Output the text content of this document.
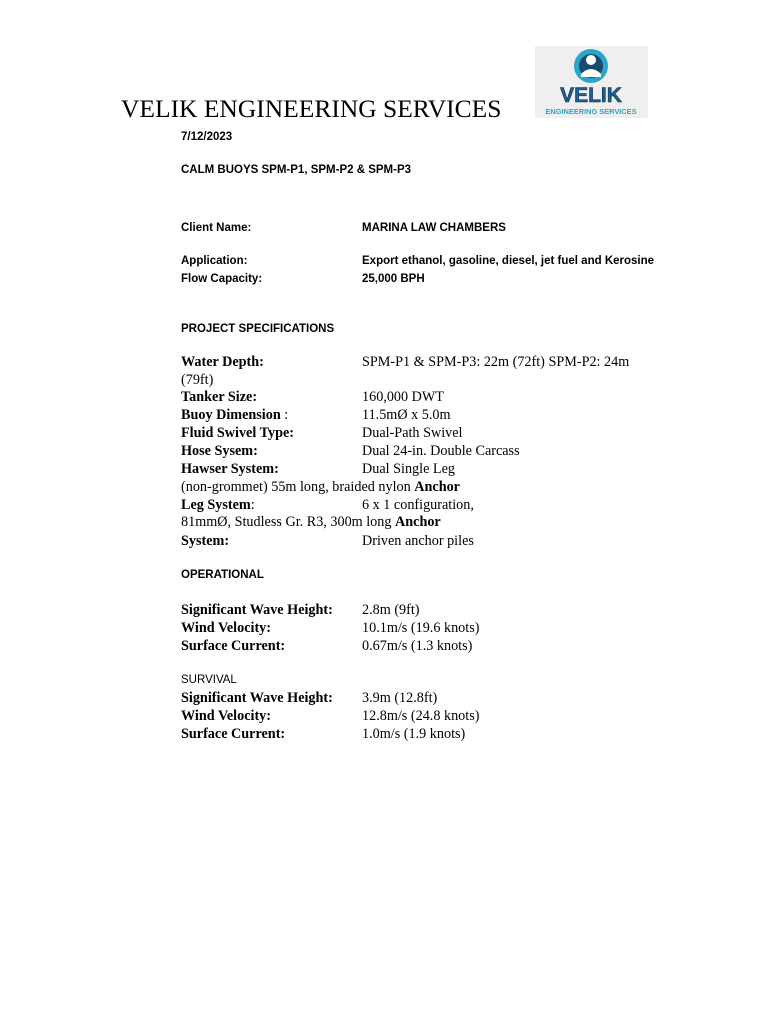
VELIK
ENGINEERING SERVICES
VELIK ENGINEERING SERVICES
7/12/2023
CALM BUOYS SPM-P1, SPM-P2 & SPM-P3
Client Name:	MARINA LAW CHAMBERS
Application:	Export ethanol, gasoline, diesel, jet fuel and Kerosine
Flow Capacity:	25,000 BPH
PROJECT SPECIFICATIONS
Water Depth:	SPM-P1 & SPM-P3: 22m (72ft) SPM-P2: 24m
(79ft)
Tanker Size:	160,000 DWT
Buoy Dimension :	11.5mØ x 5.0m
Fluid Swivel Type:	Dual-Path Swivel
Hose Sysem:	Dual 24-in. Double Carcass
Hawser System:	Dual Single Leg
(non-grommet) 55m long, braided nylon Anchor
Leg System:	6 x 1 configuration,
81mmØ, Studless Gr. R3, 300m long Anchor
System:	Driven anchor piles
OPERATIONAL
Significant Wave Height: 2.8m (9ft)
Wind Velocity:	10.1m/s (19.6 knots)
Surface Current:	0.67m/s (1.3 knots)
SURVIVAL
Significant Wave Height: 3.9m (12.8ft)
Wind Velocity:	12.8m/s (24.8 knots)
Surface Current:	1.0m/s (1.9 knots)
